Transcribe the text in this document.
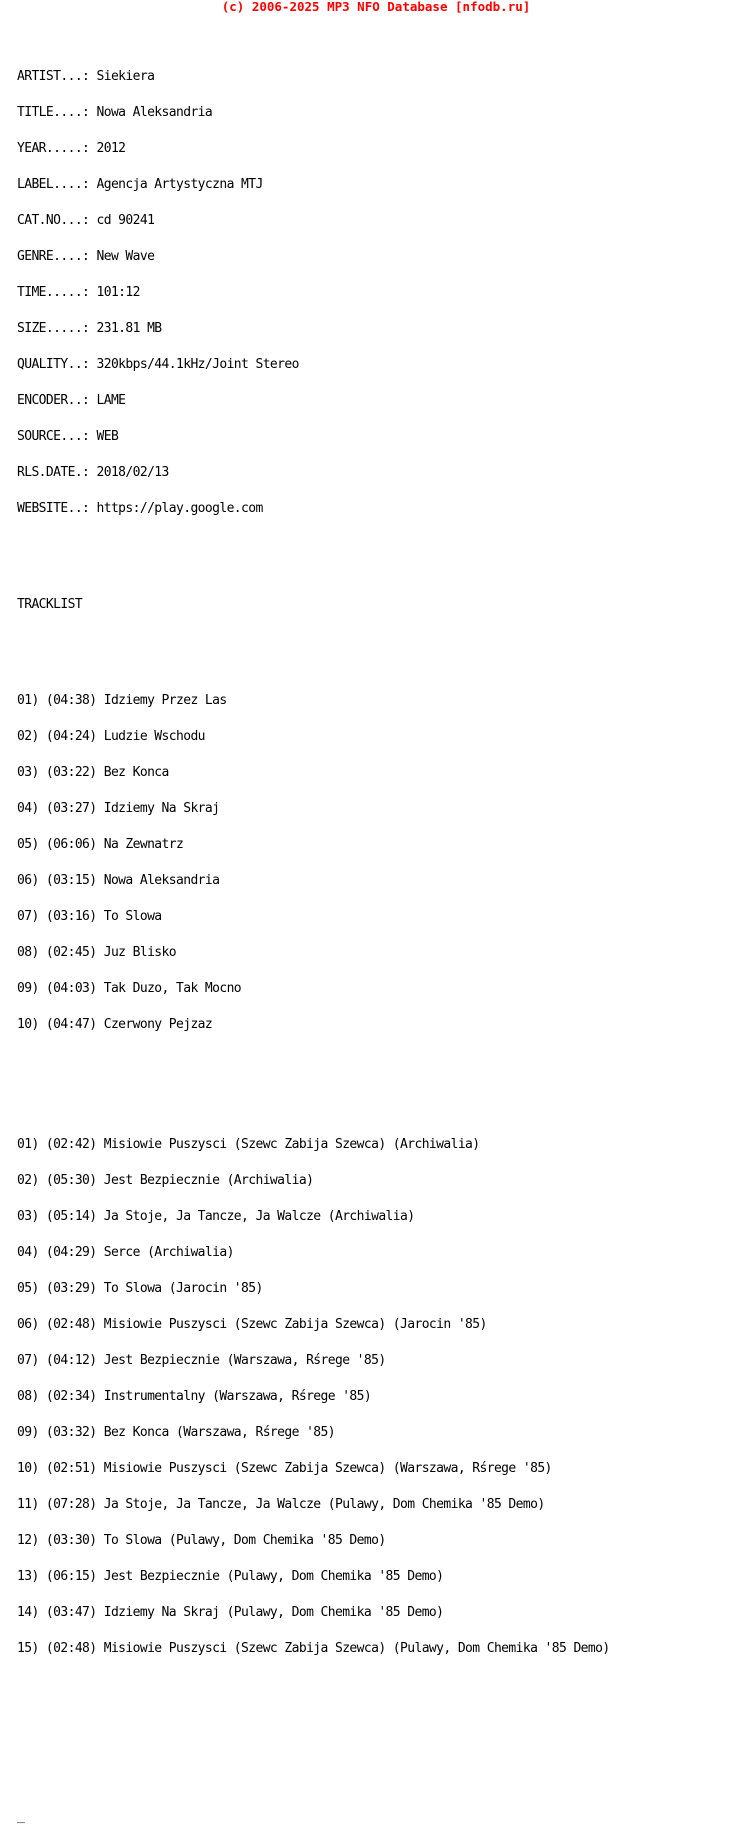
(c) 2006-2025 MP3 NFO Database [nfodb.ru]

ARTIST...: Siekiera

TITLE....: Nowa Aleksandria

YEAR.....: 2012

LABEL....: Agencja Artystyczna MTJ

CAT.NO...: cd 90241

GENRE....: New Wave

TIME.....: 101:12

SIZE.....: 231.81 MB

QUALITY..: 320kbps/44.1kHz/Joint Stereo

ENCODER..: LAME

SOURCE...: WEB

RLS.DATE.: 2018/02/13

WEBSITE..: https://play.google.com

TRACKLIST

01) (04:38) Idziemy Przez Las

02) (04:24) Ludzie Wschodu

03) (03:22) Bez Konca

04) (03:27) Idziemy Na Skraj

05) (06:06) Na Zewnatrz

06) (03:15) Nowa Aleksandria

07) (03:16) To Slowa

08) (02:45) Juz Blisko

09) (04:03) Tak Duzo, Tak Mocno

10) (04:47) Czerwony Pejzaz

01) (02:42) Misiowie Puszysci (Szewc Zabija Szewca) (Archiwalia)

02) (05:30) Jest Bezpiecznie (Archiwalia)

03) (05:14) Ja Stoje, Ja Tancze, Ja Walcze (Archiwalia)

04) (04:29) Serce (Archiwalia)

05) (03:29) To Slowa (Jarocin '85)

06) (02:48) Misiowie Puszysci (Szewc Zabija Szewca) (Jarocin '85)

07) (04:12) Jest Bezpiecznie (Warszawa, Rśrege '85)

08) (02:34) Instrumentalny (Warszawa, Rśrege '85)

09) (03:32) Bez Konca (Warszawa, Rśrege '85)

10) (02:51) Misiowie Puszysci (Szewc Zabija Szewca) (Warszawa, Rśrege '85)

11) (07:28) Ja Stoje, Ja Tancze, Ja Walcze (Pulawy, Dom Chemika '85 Demo)

12) (03:30) To Slowa (Pulawy, Dom Chemika '85 Demo)

13) (06:15) Jest Bezpiecznie (Pulawy, Dom Chemika '85 Demo)

14) (03:47) Idziemy Na Skraj (Pulawy, Dom Chemika '85 Demo)

15) (02:48) Misiowie Puszysci (Szewc Zabija Szewca) (Pulawy, Dom Chemika '85 Demo)

_
